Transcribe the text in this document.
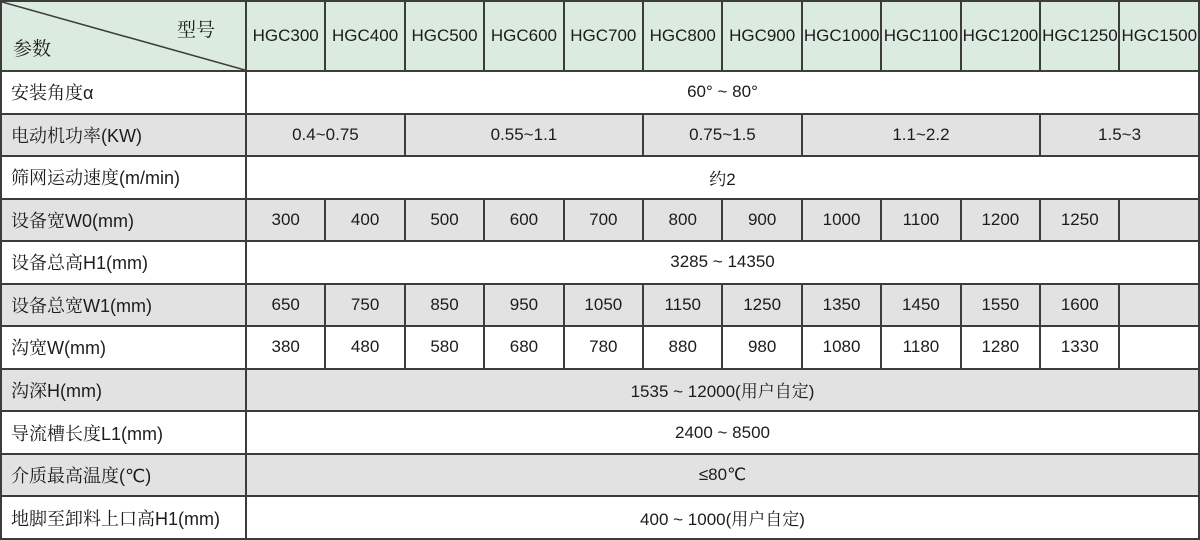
型号
参数	HGC300	HGC400	HGC500	HGC600	HGC700	HGC800	HGC900	HGC1000	HGC1100	HGC1200	HGC1250	HGC1500
安装角度α	60° ~ 80°											
电动机功率(KW)	0.4~0.75		0.55~1.1			0.75~1.5		1.1~2.2			1.5~3	
筛网运动速度(m/min)	约2											
设备宽W0(mm)	300	400	500	600	700	800	900	1000	1100	1200	1250	
设备总高H1(mm)	3285 ~ 14350											
设备总宽W1(mm)	650	750	850	950	1050	1150	1250	1350	1450	1550	1600	
沟宽W(mm)	380	480	580	680	780	880	980	1080	1180	1280	1330	
沟深H(mm)	1535 ~ 12000(用户自定)											
导流槽长度L1(mm)	2400 ~ 8500											
介质最高温度(℃)	≤80℃											
地脚至卸料上口高H1(mm)	400 ~ 1000(用户自定)											
